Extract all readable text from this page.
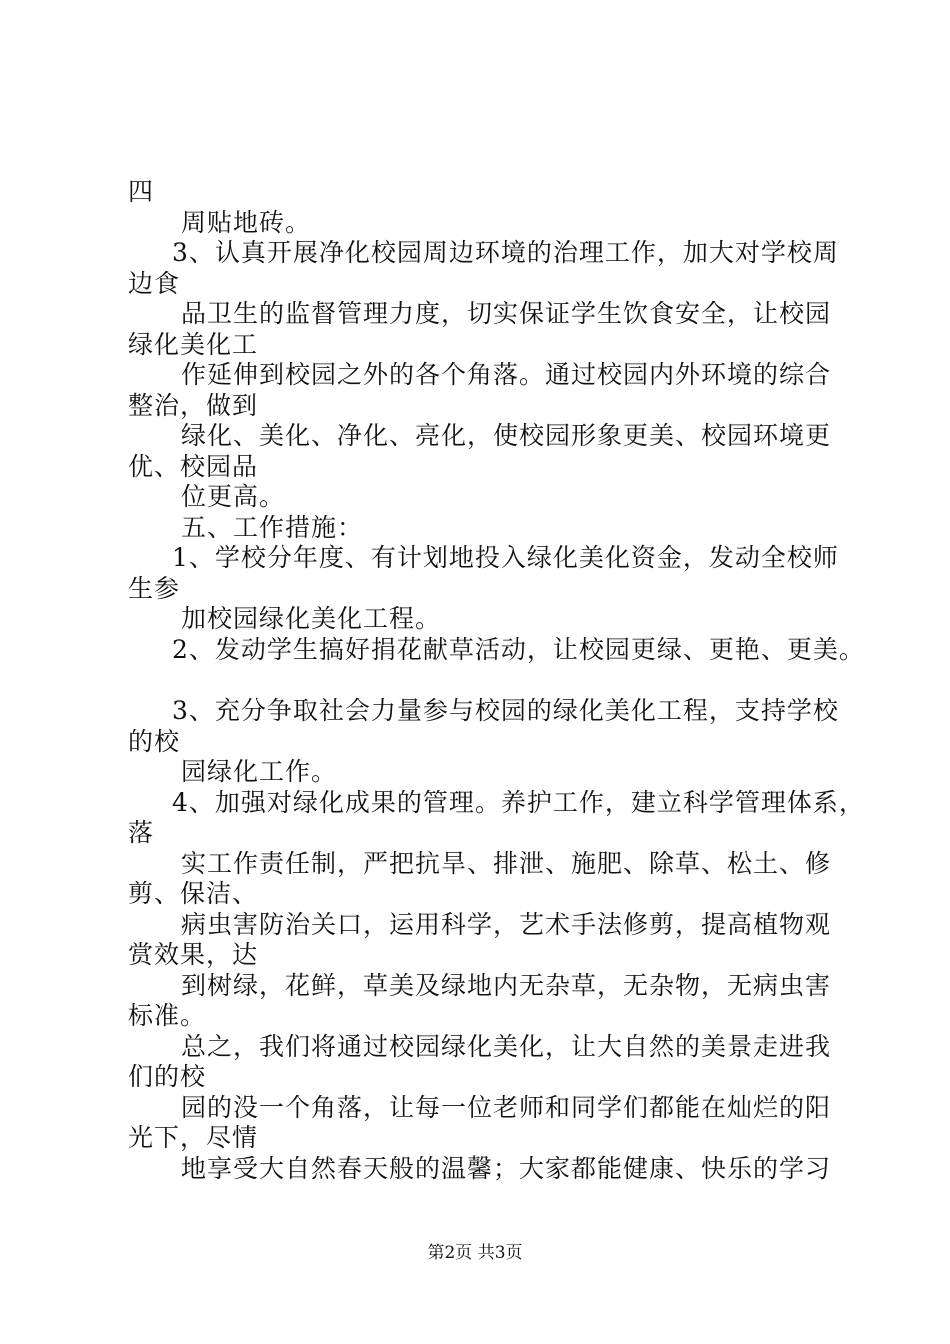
四
周贴地砖。
3、认真开展净化校园周边环境的治理工作，加大对学校周
边食
品卫生的监督管理力度，切实保证学生饮食安全，让校园
绿化美化工
作延伸到校园之外的各个角落。通过校园内外环境的综合
整治，做到
绿化、美化、净化、亮化，使校园形象更美、校园环境更
优、校园品
位更高。
五、工作措施：
1、学校分年度、有计划地投入绿化美化资金，发动全校师
生参
加校园绿化美化工程。
2、发动学生搞好捐花献草活动，让校园更绿、更艳、更美。
3、充分争取社会力量参与校园的绿化美化工程，支持学校
的校
园绿化工作。
4、加强对绿化成果的管理。养护工作，建立科学管理体系，
落
实工作责任制，严把抗旱、排泄、施肥、除草、松土、修
剪、保洁、
病虫害防治关口，运用科学，艺术手法修剪，提高植物观
赏效果，达
到树绿，花鲜，草美及绿地内无杂草，无杂物，无病虫害
标准。
总之，我们将通过校园绿化美化，让大自然的美景走进我
们的校
园的没一个角落，让每一位老师和同学们都能在灿烂的阳
光下，尽情
地享受大自然春天般的温馨；大家都能健康、快乐的学习
第2页 共3页
